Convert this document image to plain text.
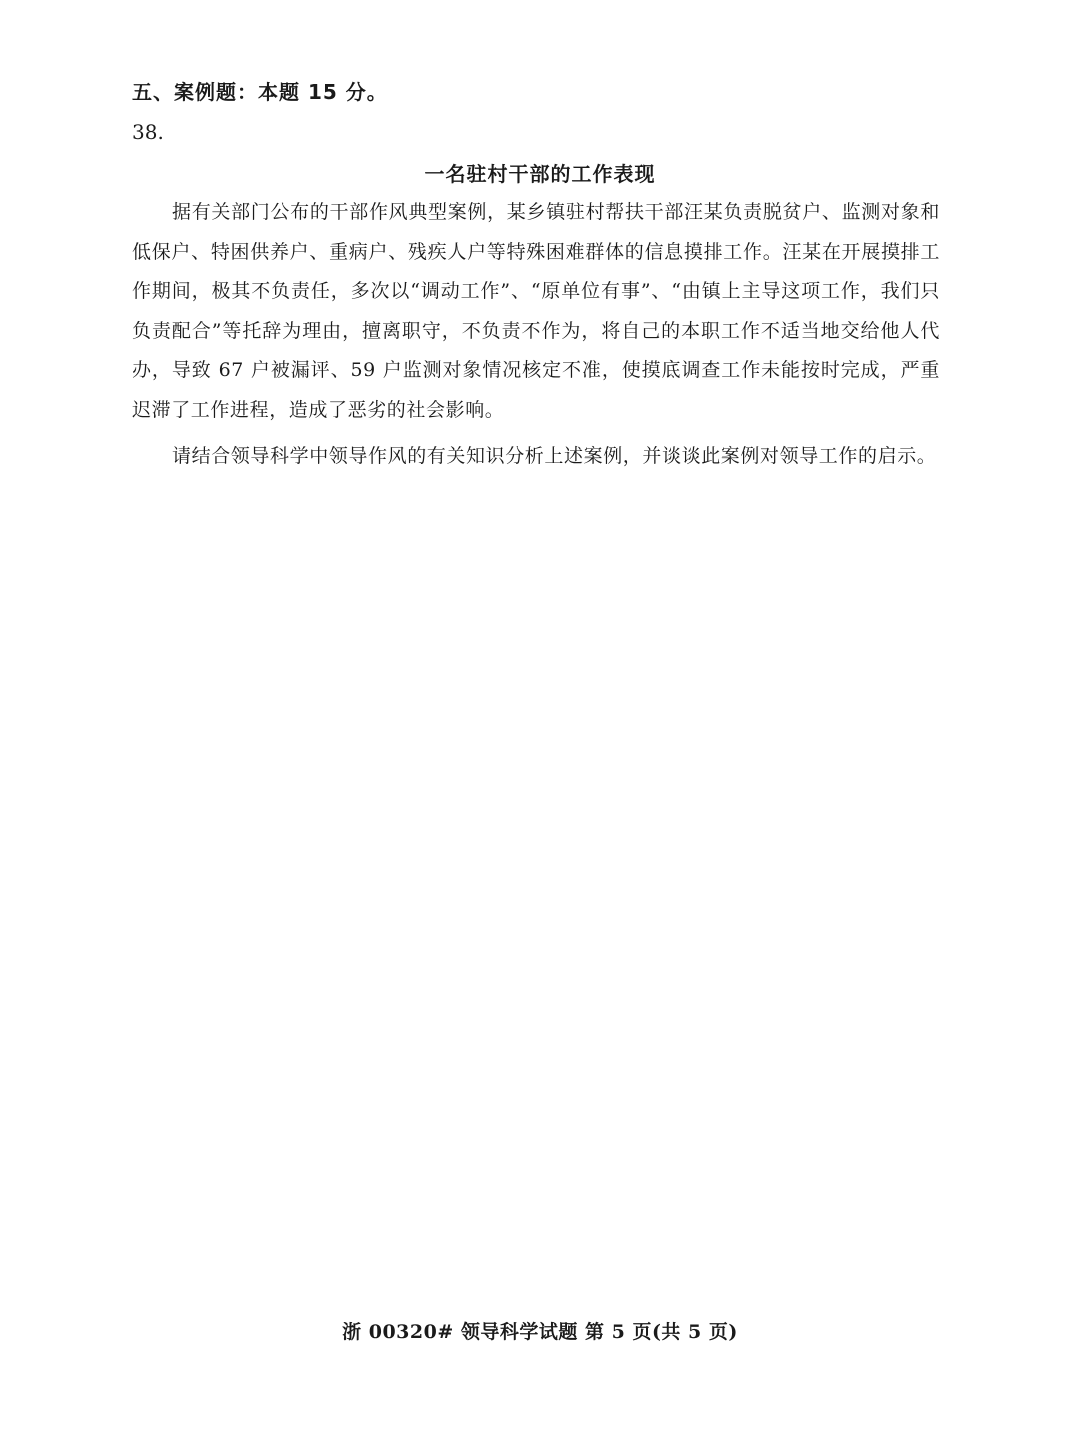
五、案例题：本题 15 分。
38.
一名驻村干部的工作表现

据有关部门公布的干部作风典型案例，某乡镇驻村帮扶干部汪某负责脱贫户、监测对象和低保户、特困供养户、重病户、残疾人户等特殊困难群体的信息摸排工作。汪某在开展摸排工作期间，极其不负责任，多次以“调动工作”、“原单位有事”、“由镇上主导这项工作，我们只负责配合”等托辞为理由，擅离职守，不负责不作为，将自己的本职工作不适当地交给他人代办，导致 67 户被漏评、59 户监测对象情况核定不准，使摸底调查工作未能按时完成，严重迟滞了工作进程，造成了恶劣的社会影响。

请结合领导科学中领导作风的有关知识分析上述案例，并谈谈此案例对领导工作的启示。

浙 00320# 领导科学试题 第 5 页(共 5 页)
